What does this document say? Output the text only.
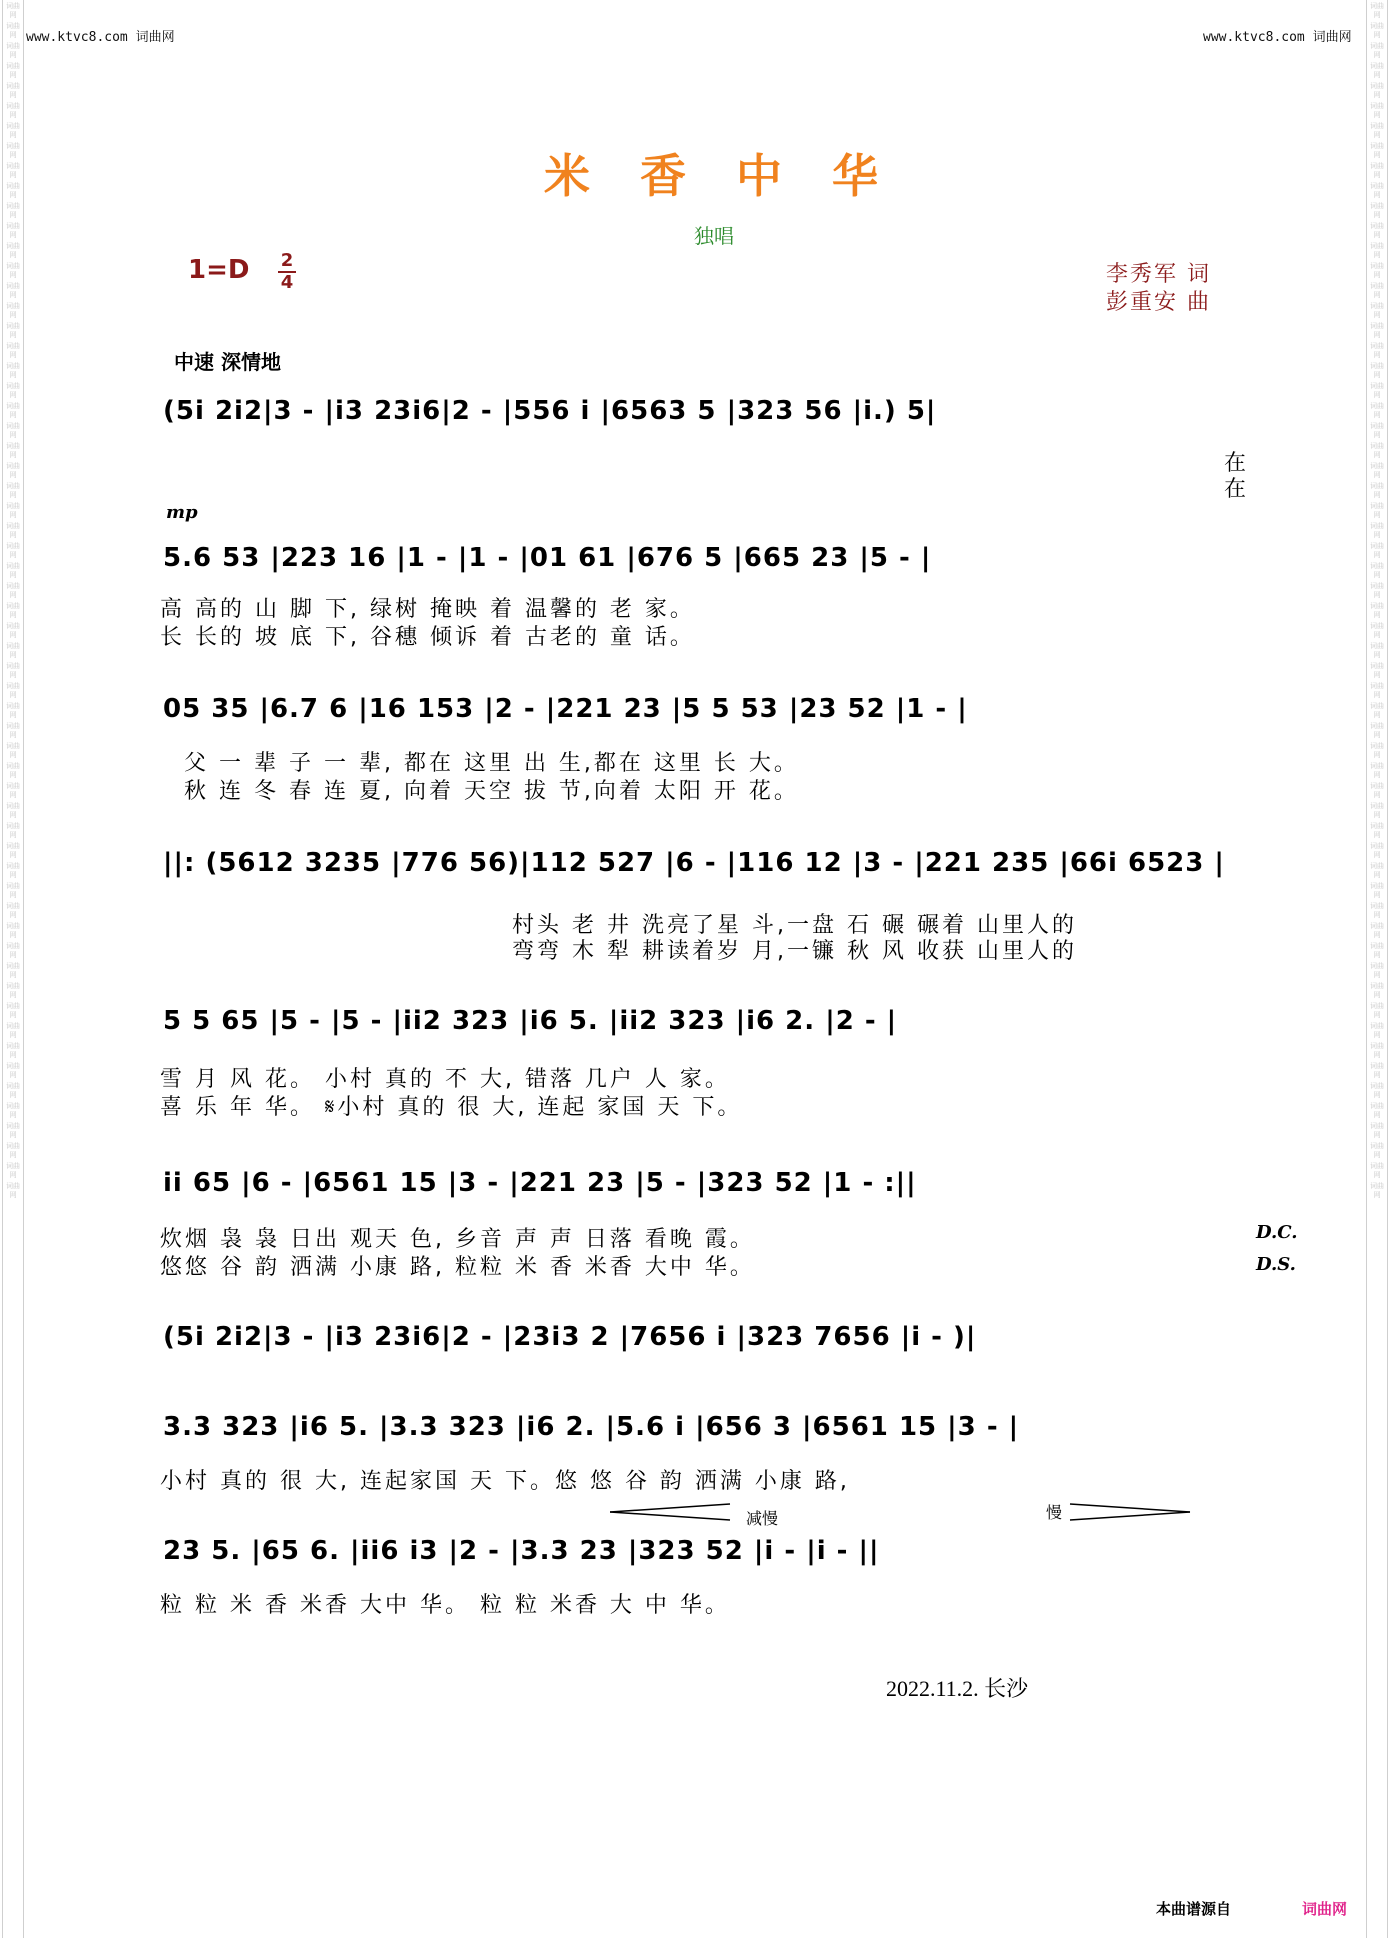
词曲网
词曲网
词曲网
词曲网
词曲网
词曲网
词曲网
词曲网
词曲网
词曲网
词曲网
词曲网
词曲网
词曲网
词曲网
词曲网
词曲网
词曲网
词曲网
词曲网
词曲网
词曲网
词曲网
词曲网
词曲网
词曲网
词曲网
词曲网
词曲网
词曲网
词曲网
词曲网
词曲网
词曲网
词曲网
词曲网
词曲网
词曲网
词曲网
词曲网
词曲网
词曲网
词曲网
词曲网
词曲网
词曲网
词曲网
词曲网
词曲网
词曲网
词曲网
词曲网
词曲网
词曲网
词曲网
词曲网
词曲网
词曲网
词曲网
词曲网
词曲网
词曲网
词曲网
词曲网
词曲网
词曲网
词曲网
词曲网
词曲网
词曲网
词曲网
词曲网
词曲网
词曲网
词曲网
词曲网
词曲网
词曲网
词曲网
词曲网
词曲网
词曲网
词曲网
词曲网
词曲网
词曲网
词曲网
词曲网
词曲网
词曲网
词曲网
词曲网
词曲网
词曲网
词曲网
词曲网
词曲网
词曲网
词曲网
词曲网
词曲网
词曲网
词曲网
词曲网
词曲网
词曲网
词曲网
词曲网
词曲网
词曲网
词曲网
词曲网
词曲网
词曲网
词曲网
词曲网
词曲网
词曲网
词曲网
词曲网
www.ktvc8.com 词曲网	www.ktvc8.com 词曲网
米香中华
独唱
1=D 2
4	李秀军 词
彭重安 曲
中速 深情地
(5i 2i2|3 - |i3 23i6|2 - |556 i |6563 5 |323 56 |i.) 5|
在
在
mp
5.6 53 |223 16 |1 - |1 - |01 61 |676 5 |665 23 |5 - |
高 高的 山 脚 下, 绿树 掩映 着 温馨的 老 家。
长 长的 坡 底 下, 谷穗 倾诉 着 古老的 童 话。
05 35 |6.7 6 |16 153 |2 - |221 23 |5 5 53 |23 52 |1 - |
父 一 辈 子 一 辈, 都在 这里 出 生,都在 这里 长 大。
秋 连 冬 春 连 夏, 向着 天空 拔 节,向着 太阳 开 花。
||: (5612 3235 |776 56)|112 527 |6 - |116 12 |3 - |221 235 |66i 6523 |
村头 老 井 洗亮了星 斗,一盘 石 碾 碾着 山里人的
弯弯 木 犁 耕读着岁 月,一镰 秋 风 收获 山里人的
5 5 65 |5 - |5 - |ii2 323 |i6 5. |ii2 323 |i6 2. |2 - |
雪 月 风 花。 小村 真的 不 大, 错落 几户 人 家。
喜 乐 年 华。 𝄋小村 真的 很 大, 连起 家国 天 下。
ii 65 |6 - |6561 15 |3 - |221 23 |5 - |323 52 |1 - :||
炊烟 袅 袅 日出 观天 色, 乡音 声 声 日落 看晚 霞。
悠悠 谷 韵 洒满 小康 路, 粒粒 米 香 米香 大中 华。
D.C.
D.S.
(5i 2i2|3 - |i3 23i6|2 - |23i3 2 |7656 i |323 7656 |i - )|
3.3 323 |i6 5. |3.3 323 |i6 2. |5.6 i |656 3 |6561 15 |3 - |
小村 真的 很 大, 连起家国 天 下。悠 悠 谷 韵 洒满 小康 路,
减慢	慢
23 5. |65 6. |ii6 i3 |2 - |3.3 23 |323 52 |i - |i - ||
粒 粒 米 香 米香 大中 华。 粒 粒 米香 大 中 华。
2022.11.2. 长沙
本曲谱源自	词曲网
